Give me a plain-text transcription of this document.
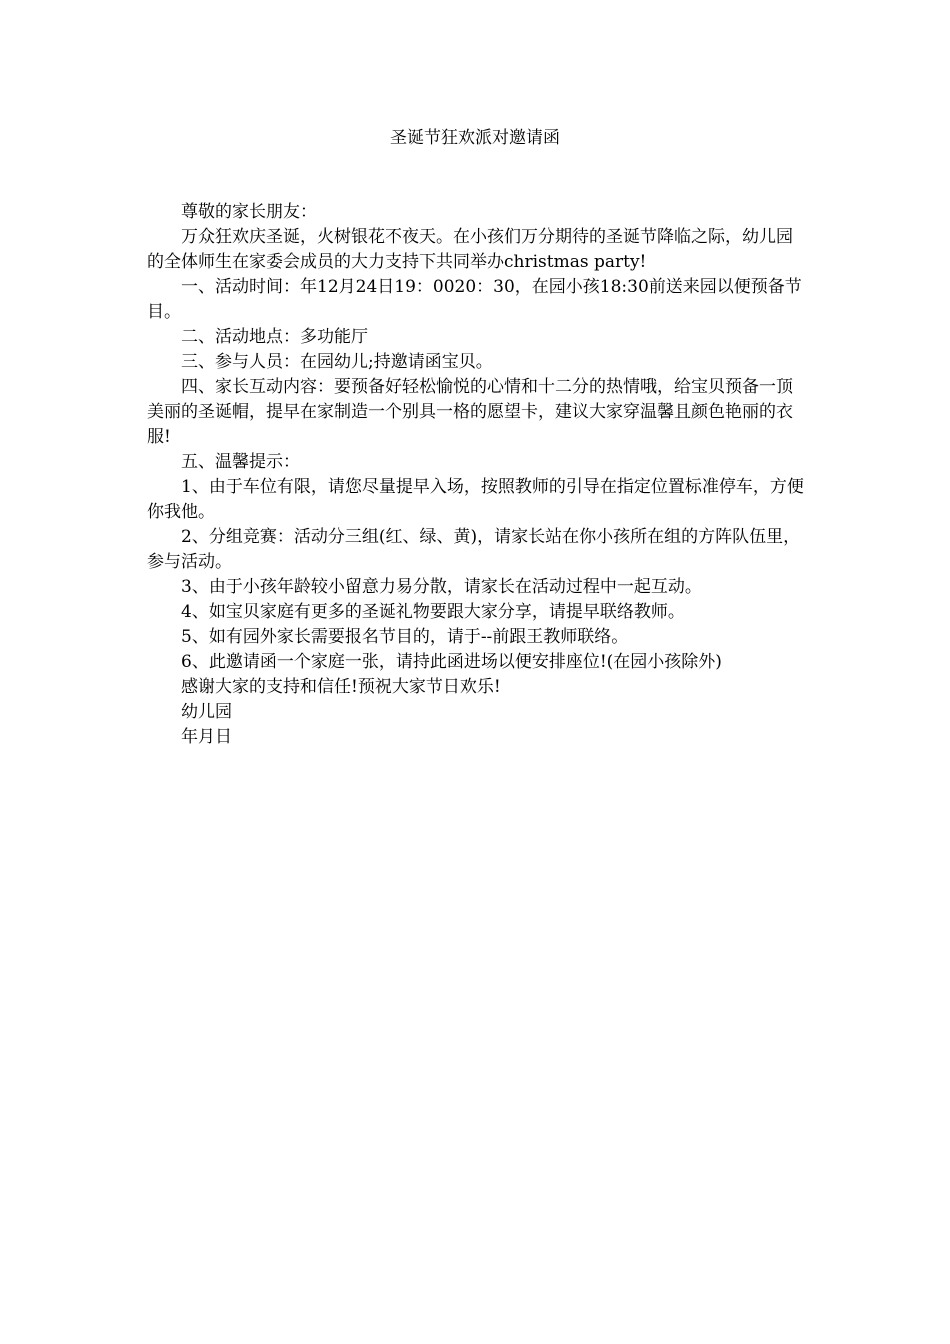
圣诞节狂欢派对邀请函

尊敬的家长朋友：

万众狂欢庆圣诞，火树银花不夜天。在小孩们万分期待的圣诞节降临之际，幼儿园的全体师生在家委会成员的大力支持下共同举办christmas party!

一、活动时间：年12月24日19：0020：30，在园小孩18:30前送来园以便预备节目。

二、活动地点：多功能厅

三、参与人员：在园幼儿;持邀请函宝贝。

四、家长互动内容：要预备好轻松愉悦的心情和十二分的热情哦，给宝贝预备一顶美丽的圣诞帽，提早在家制造一个别具一格的愿望卡，建议大家穿温馨且颜色艳丽的衣服!

五、温馨提示：

1、由于车位有限，请您尽量提早入场，按照教师的引导在指定位置标准停车，方便你我他。

2、分组竞赛：活动分三组(红、绿、黄)，请家长站在你小孩所在组的方阵队伍里，参与活动。

3、由于小孩年龄较小留意力易分散，请家长在活动过程中一起互动。

4、如宝贝家庭有更多的圣诞礼物要跟大家分享，请提早联络教师。

5、如有园外家长需要报名节目的，请于--前跟王教师联络。

6、此邀请函一个家庭一张，请持此函进场以便安排座位!(在园小孩除外)

感谢大家的支持和信任!预祝大家节日欢乐!

幼儿园

年月日
